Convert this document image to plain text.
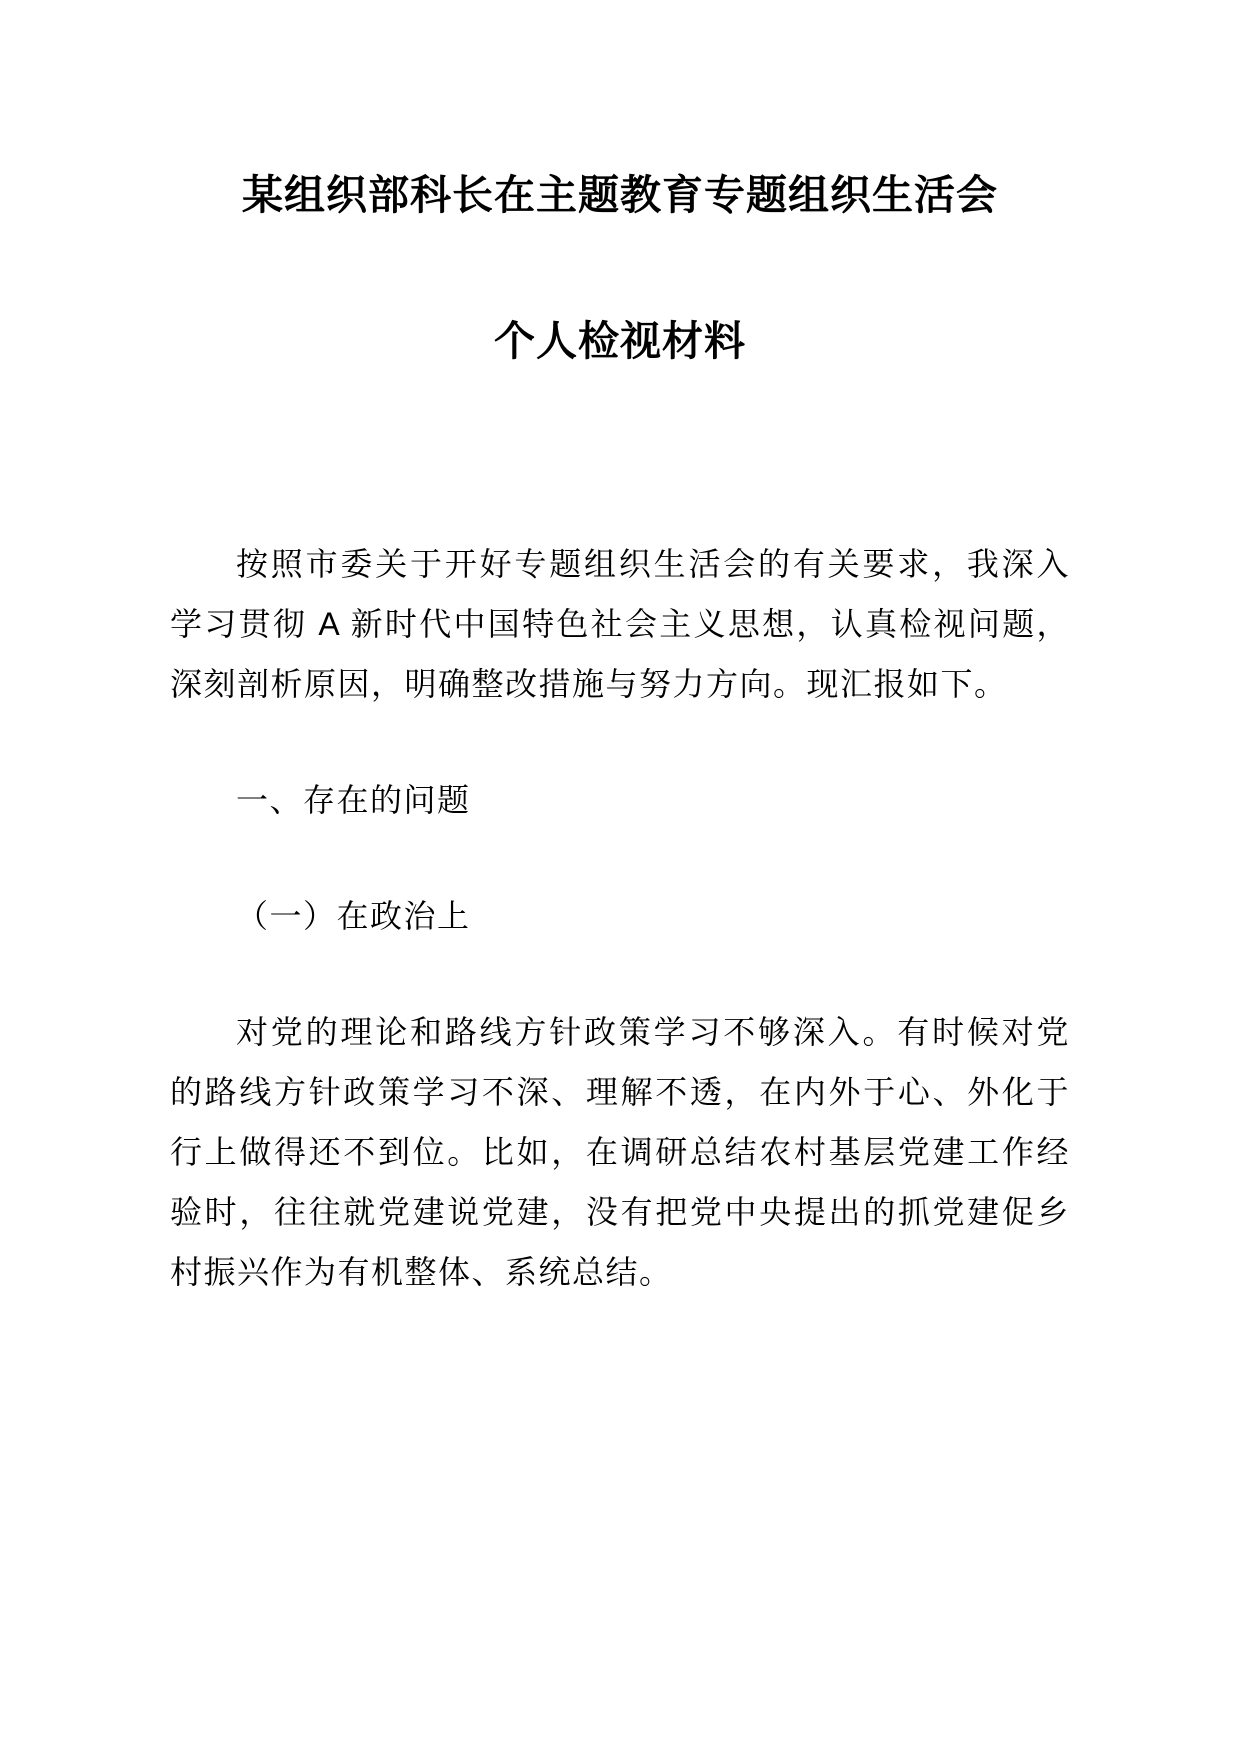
某组织部科长在主题教育专题组织生活会
个人检视材料
按照市委关于开好专题组织生活会的有关要求，我深入学习贯彻 A 新时代中国特色社会主义思想，认真检视问题，深刻剖析原因，明确整改措施与努力方向。现汇报如下。
一、存在的问题
（一）在政治上
对党的理论和路线方针政策学习不够深入。有时候对党的路线方针政策学习不深、理解不透，在内外于心、外化于行上做得还不到位。比如，在调研总结农村基层党建工作经验时，往往就党建说党建，没有把党中央提出的抓党建促乡村振兴作为有机整体、系统总结。
